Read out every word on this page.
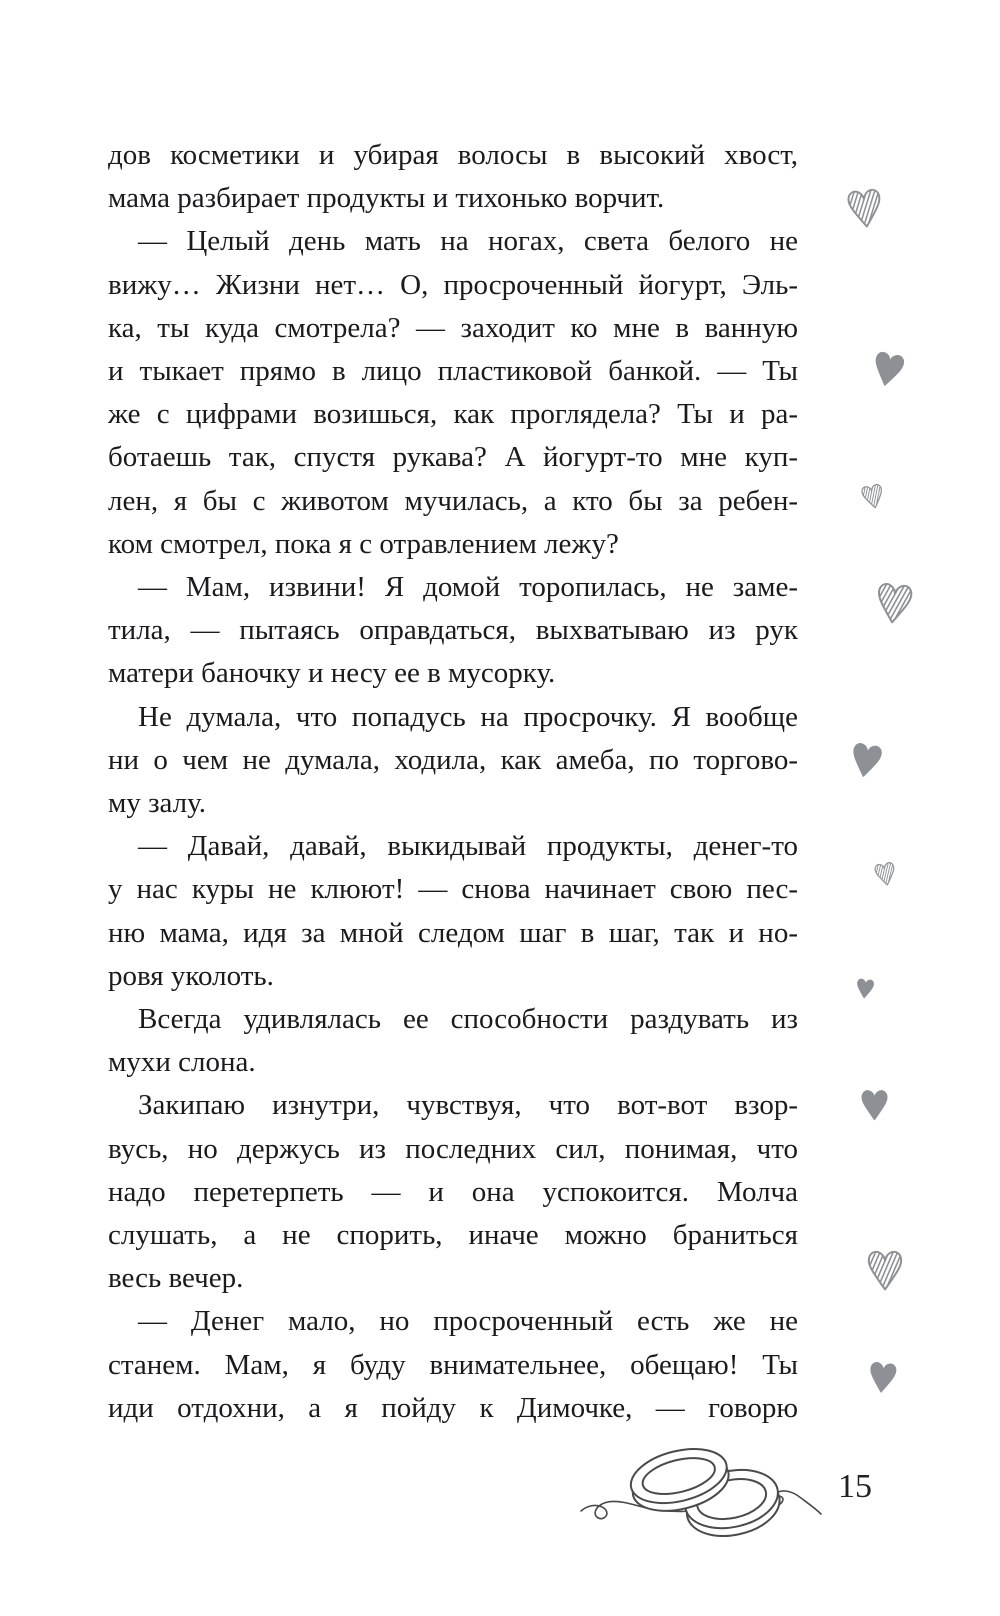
дов косметики и убирая волосы в высокий хвост,
мама разбирает продукты и тихонько ворчит.
— Целый день мать на ногах, света белого не
вижу… Жизни нет… О, просроченный йогурт, Эль-
ка, ты куда смотрела? — заходит ко мне в ванную
и тыкает прямо в лицо пластиковой банкой. — Ты
же с цифрами возишься, как проглядела? Ты и ра-
ботаешь так, спустя рукава? А йогурт-то мне куп-
лен, я бы с животом мучилась, а кто бы за ребен-
ком смотрел, пока я с отравлением лежу?
— Мам, извини! Я домой торопилась, не заме-
тила, — пытаясь оправдаться, выхватываю из рук
матери баночку и несу ее в мусорку.
Не думала, что попадусь на просрочку. Я вообще
ни о чем не думала, ходила, как амеба, по торгово-
му залу.
— Давай, давай, выкидывай продукты, денег-то
у нас куры не клюют! — снова начинает свою пес-
ню мама, идя за мной следом шаг в шаг, так и но-
ровя уколоть.
Всегда удивлялась ее способности раздувать из
мухи слона.
Закипаю изнутри, чувствуя, что вот-вот взор-
вусь, но держусь из последних сил, понимая, что
надо перетерпеть — и она успокоится. Молча
слушать, а не спорить, иначе можно браниться
весь вечер.
— Денег мало, но просроченный есть же не
станем. Мам, я буду внимательнее, обещаю! Ты
иди отдохни, а я пойду к Димочке, — говорю
15
